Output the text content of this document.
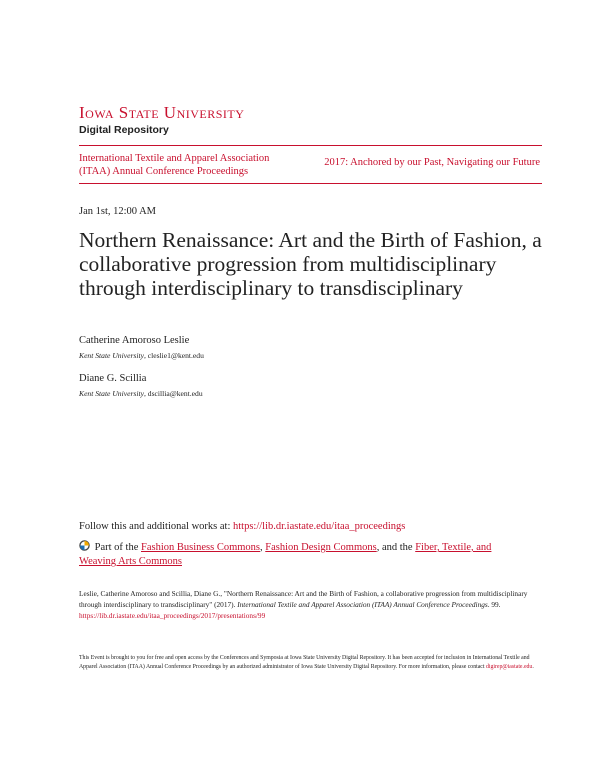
Iowa State University
Digital Repository
International Textile and Apparel Association (ITAA) Annual Conference Proceedings
2017: Anchored by our Past, Navigating our Future
Jan 1st, 12:00 AM
Northern Renaissance: Art and the Birth of Fashion, a collaborative progression from multidisciplinary through interdisciplinary to transdisciplinary
Catherine Amoroso Leslie
Kent State University, cleslie1@kent.edu
Diane G. Scillia
Kent State University, dscillia@kent.edu
Follow this and additional works at: https://lib.dr.iastate.edu/itaa_proceedings
Part of the Fashion Business Commons, Fashion Design Commons, and the Fiber, Textile, and Weaving Arts Commons
Leslie, Catherine Amoroso and Scillia, Diane G., "Northern Renaissance: Art and the Birth of Fashion, a collaborative progression from multidisciplinary through interdisciplinary to transdisciplinary" (2017). International Textile and Apparel Association (ITAA) Annual Conference Proceedings. 99.
https://lib.dr.iastate.edu/itaa_proceedings/2017/presentations/99
This Event is brought to you for free and open access by the Conferences and Symposia at Iowa State University Digital Repository. It has been accepted for inclusion in International Textile and Apparel Association (ITAA) Annual Conference Proceedings by an authorized administrator of Iowa State University Digital Repository. For more information, please contact digirep@iastate.edu.
